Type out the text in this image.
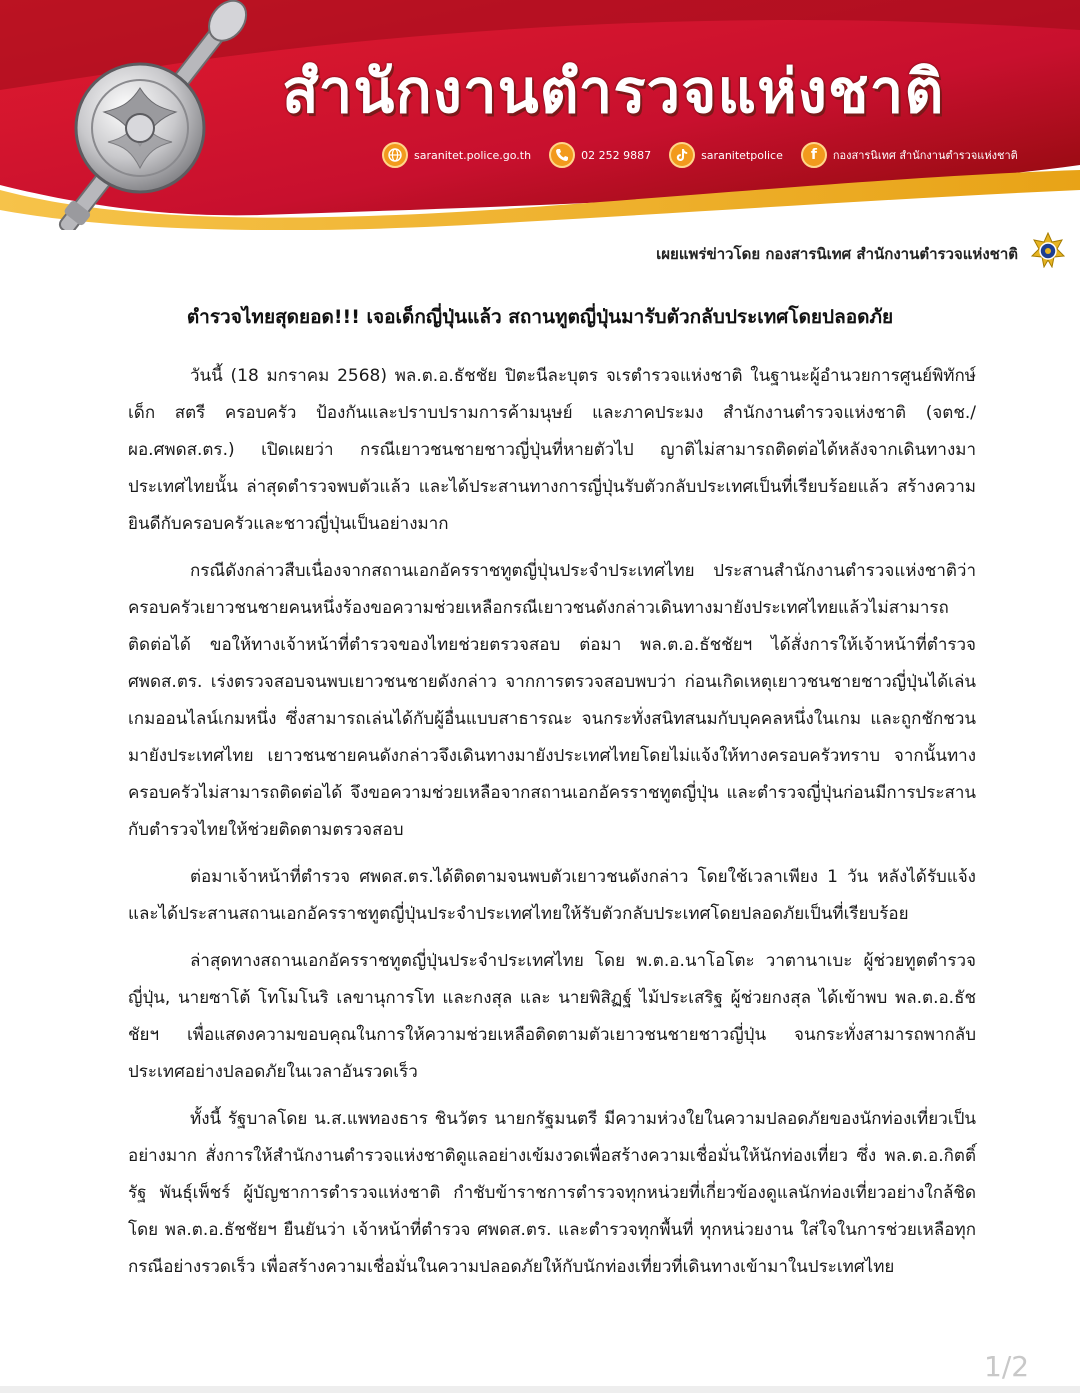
สำนักงานตำรวจแห่งชาติ
saranitet.police.go.th	02 252 9887	saranitetpolice	f	กองสารนิเทศ สำนักงานตำรวจแห่งชาติ
เผยแพร่ข่าวโดย กองสารนิเทศ สำนักงานตำรวจแห่งชาติ
ตำรวจไทยสุดยอด!!! เจอเด็กญี่ปุ่นแล้ว สถานทูตญี่ปุ่นมารับตัวกลับประเทศโดยปลอดภัย

วันนี้ (18 มกราคม 2568) พล.ต.อ.ธัชชัย ปิตะนีละบุตร จเรตำรวจแห่งชาติ ในฐานะผู้อำนวยการศูนย์พิทักษ์เด็ก สตรี ครอบครัว ป้องกันและปราบปรามการค้ามนุษย์ และภาคประมง สำนักงานตำรวจแห่งชาติ (จตช./ผอ.ศพดส.ตร.) เปิดเผยว่า กรณีเยาวชนชายชาวญี่ปุ่นที่หายตัวไป ญาติไม่สามารถติดต่อได้หลังจากเดินทางมาประเทศไทยนั้น ล่าสุดตำรวจพบตัวแล้ว และได้ประสานทางการญี่ปุ่นรับตัวกลับประเทศเป็นที่เรียบร้อยแล้ว สร้างความยินดีกับครอบครัวและชาวญี่ปุ่นเป็นอย่างมาก

กรณีดังกล่าวสืบเนื่องจากสถานเอกอัครราชทูตญี่ปุ่นประจำประเทศไทย ประสานสำนักงานตำรวจแห่งชาติว่าครอบครัวเยาวชนชายคนหนึ่งร้องขอความช่วยเหลือกรณีเยาวชนดังกล่าวเดินทางมายังประเทศไทยแล้วไม่สามารถติดต่อได้ ขอให้ทางเจ้าหน้าที่ตำรวจของไทยช่วยตรวจสอบ ต่อมา พล.ต.อ.ธัชชัยฯ ได้สั่งการให้เจ้าหน้าที่ตำรวจ ศพดส.ตร. เร่งตรวจสอบจนพบเยาวชนชายดังกล่าว จากการตรวจสอบพบว่า ก่อนเกิดเหตุเยาวชนชายชาวญี่ปุ่นได้เล่นเกมออนไลน์เกมหนึ่ง ซึ่งสามารถเล่นได้กับผู้อื่นแบบสาธารณะ จนกระทั่งสนิทสนมกับบุคคลหนึ่งในเกม และถูกชักชวนมายังประเทศไทย เยาวชนชายคนดังกล่าวจึงเดินทางมายังประเทศไทยโดยไม่แจ้งให้ทางครอบครัวทราบ จากนั้นทางครอบครัวไม่สามารถติดต่อได้ จึงขอความช่วยเหลือจากสถานเอกอัครราชทูตญี่ปุ่น และตำรวจญี่ปุ่นก่อนมีการประสานกับตำรวจไทยให้ช่วยติดตามตรวจสอบ

ต่อมาเจ้าหน้าที่ตำรวจ ศพดส.ตร.ได้ติดตามจนพบตัวเยาวชนดังกล่าว โดยใช้เวลาเพียง 1 วัน หลังได้รับแจ้งและได้ประสานสถานเอกอัครราชทูตญี่ปุ่นประจำประเทศไทยให้รับตัวกลับประเทศโดยปลอดภัยเป็นที่เรียบร้อย

ล่าสุดทางสถานเอกอัครราชทูตญี่ปุ่นประจำประเทศไทย โดย พ.ต.อ.นาโอโตะ วาตานาเบะ ผู้ช่วยทูตตำรวจญี่ปุ่น, นายซาโต้ โทโมโนริ เลขานุการโท และกงสุล และ นายพิสิฏฐ์ ไม้ประเสริฐ ผู้ช่วยกงสุล ได้เข้าพบ พล.ต.อ.ธัชชัยฯ เพื่อแสดงความขอบคุณในการให้ความช่วยเหลือติดตามตัวเยาวชนชายชาวญี่ปุ่น จนกระทั่งสามารถพากลับประเทศอย่างปลอดภัยในเวลาอันรวดเร็ว

ทั้งนี้ รัฐบาลโดย น.ส.แพทองธาร ชินวัตร นายกรัฐมนตรี มีความห่วงใยในความปลอดภัยของนักท่องเที่ยวเป็นอย่างมาก สั่งการให้สำนักงานตำรวจแห่งชาติดูแลอย่างเข้มงวดเพื่อสร้างความเชื่อมั่นให้นักท่องเที่ยว ซึ่ง พล.ต.อ.กิตติ์รัฐ พันธุ์เพ็ชร์ ผู้บัญชาการตำรวจแห่งชาติ กำชับข้าราชการตำรวจทุกหน่วยที่เกี่ยวข้องดูแลนักท่องเที่ยวอย่างใกล้ชิด โดย พล.ต.อ.ธัชชัยฯ ยืนยันว่า เจ้าหน้าที่ตำรวจ ศพดส.ตร. และตำรวจทุกพื้นที่ ทุกหน่วยงาน ใส่ใจในการช่วยเหลือทุกกรณีอย่างรวดเร็ว เพื่อสร้างความเชื่อมั่นในความปลอดภัยให้กับนักท่องเที่ยวที่เดินทางเข้ามาในประเทศไทย

1/2
